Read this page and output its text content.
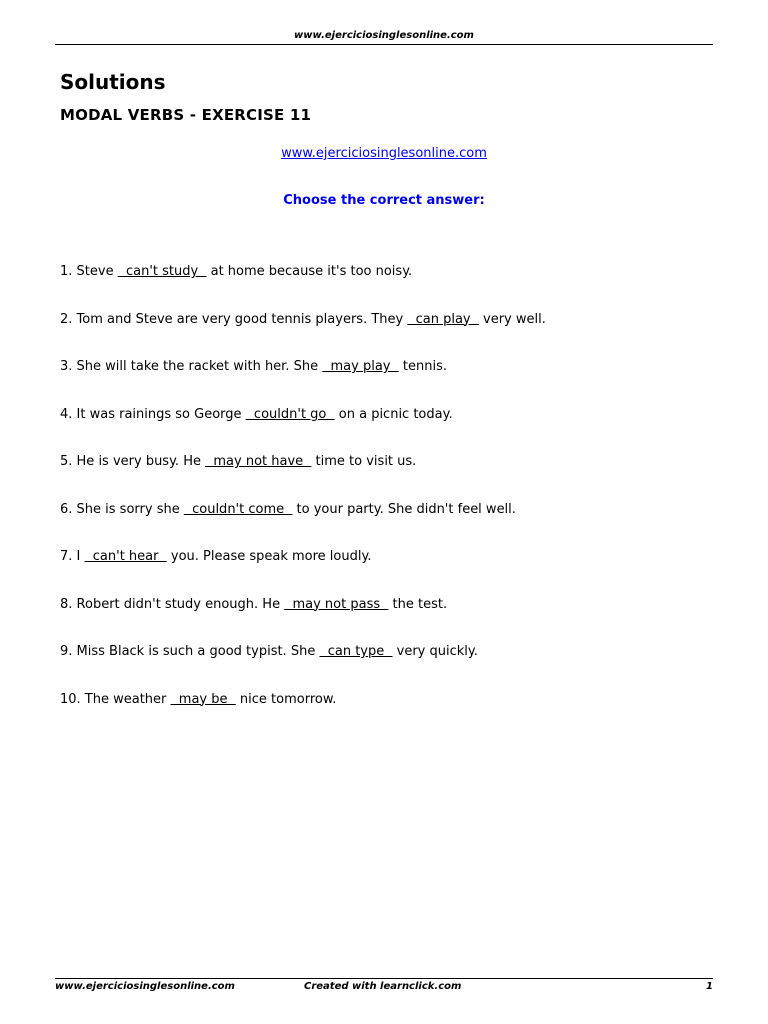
www.ejerciciosinglesonline.com
Solutions
MODAL VERBS - EXERCISE 11
www.ejerciciosinglesonline.com
Choose the correct answer:
1. Steve   can't study   at home because it's too noisy.
2. Tom and Steve are very good tennis players. They   can play   very well.
3. She will take the racket with her. She   may play   tennis.
4. It was rainings so George   couldn't go   on a picnic today.
5. He is very busy. He   may not have   time to visit us.
6. She is sorry she   couldn't come   to your party. She didn't feel well.
7. I   can't hear   you. Please speak more loudly.
8. Robert didn't study enough. He   may not pass   the test.
9. Miss Black is such a good typist. She   can type   very quickly.
10. The weather   may be   nice tomorrow.
www.ejerciciosinglesonline.com	Created with learnclick.com	1
